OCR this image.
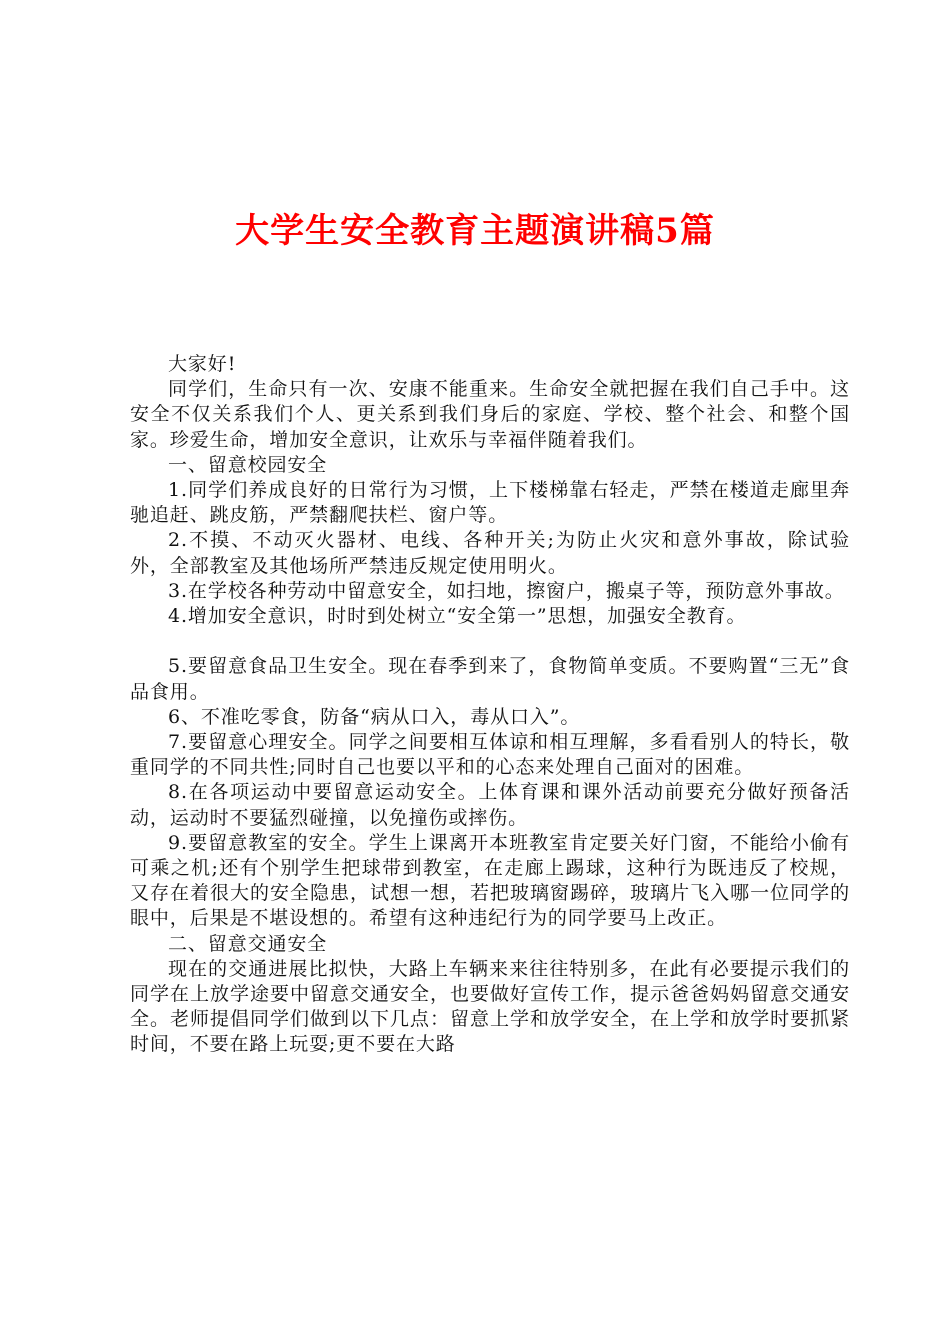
大学生安全教育主题演讲稿5篇

大家好!

同学们，生命只有一次、安康不能重来。生命安全就把握在我们自己手中。这安全不仅关系我们个人、更关系到我们身后的家庭、学校、整个社会、和整个国家。珍爱生命，增加安全意识，让欢乐与幸福伴随着我们。

一、留意校园安全

1.同学们养成良好的日常行为习惯，上下楼梯靠右轻走，严禁在楼道走廊里奔驰追赶、跳皮筋，严禁翻爬扶栏、窗户等。

2.不摸、不动灭火器材、电线、各种开关;为防止火灾和意外事故，除试验外，全部教室及其他场所严禁违反规定使用明火。

3.在学校各种劳动中留意安全，如扫地，擦窗户，搬桌子等，预防意外事故。

4.增加安全意识，时时到处树立“安全第一”思想，加强安全教育。

5.要留意食品卫生安全。现在春季到来了，食物简单变质。不要购置“三无”食品食用。

6、不准吃零食，防备“病从口入，毒从口入”。

7.要留意心理安全。同学之间要相互体谅和相互理解，多看看别人的特长，敬重同学的不同共性;同时自己也要以平和的心态来处理自己面对的困难。

8.在各项运动中要留意运动安全。上体育课和课外活动前要充分做好预备活动，运动时不要猛烈碰撞，以免撞伤或摔伤。

9.要留意教室的安全。学生上课离开本班教室肯定要关好门窗，不能给小偷有可乘之机;还有个别学生把球带到教室，在走廊上踢球，这种行为既违反了校规，又存在着很大的安全隐患，试想一想，若把玻璃窗踢碎，玻璃片飞入哪一位同学的眼中，后果是不堪设想的。希望有这种违纪行为的同学要马上改正。

二、留意交通安全

现在的交通进展比拟快，大路上车辆来来往往特别多，在此有必要提示我们的同学在上放学途要中留意交通安全，也要做好宣传工作，提示爸爸妈妈留意交通安全。老师提倡同学们做到以下几点：留意上学和放学安全，在上学和放学时要抓紧时间，不要在路上玩耍;更不要在大路
